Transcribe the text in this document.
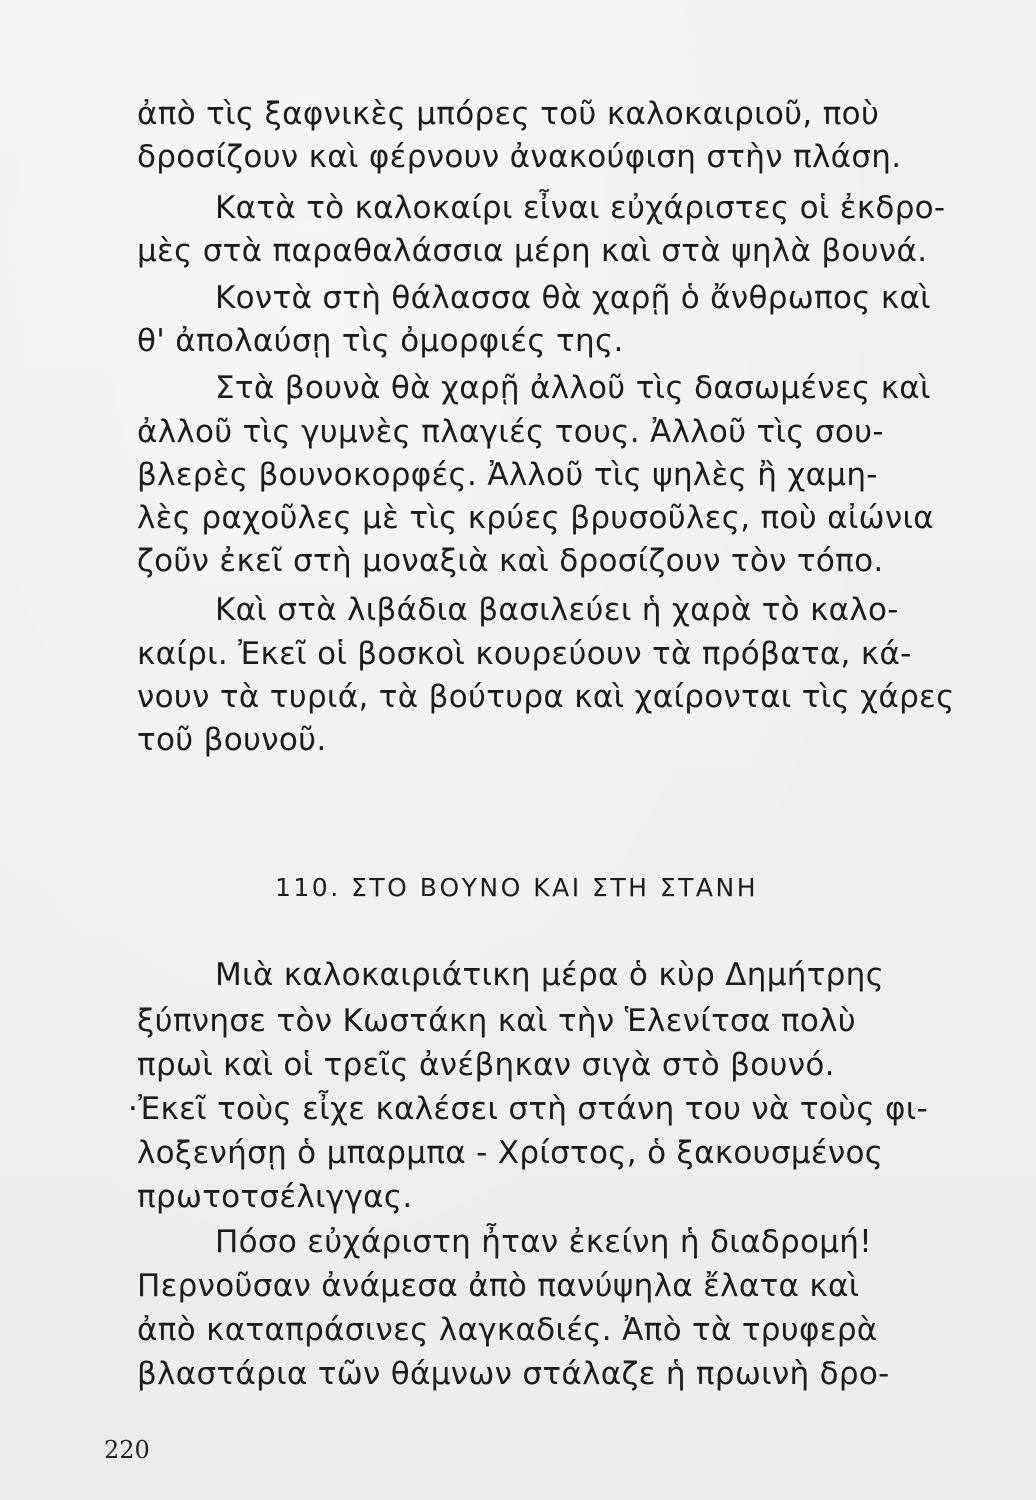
ἀπὸ τὶς ξαφνικὲς μπόρες τοῦ καλοκαιριοῦ, ποὺ
δροσίζουν καὶ φέρνουν ἀνακούφιση στὴν πλάση.
Κατὰ τὸ καλοκαίρι εἶναι εὐχάριστες οἱ ἐκδρο-
μὲς στὰ παραθαλάσσια μέρη καὶ στὰ ψηλὰ βουνά.
Κοντὰ στὴ θάλασσα θὰ χαρῇ ὁ ἄνθρωπος καὶ
θ' ἀπολαύσῃ τὶς ὀμορφιές της.
Στὰ βουνὰ θὰ χαρῇ ἀλλοῦ τὶς δασωμένες καὶ
ἀλλοῦ τὶς γυμνὲς πλαγιές τους. Ἀλλοῦ τὶς σου-
βλερὲς βουνοκορφές. Ἀλλοῦ τὶς ψηλὲς ἢ χαμη-
λὲς ραχοῦλες μὲ τὶς κρύες βρυσοῦλες, ποὺ αἰώνια
ζοῦν ἐκεῖ στὴ μοναξιὰ καὶ δροσίζουν τὸν τόπο.
Καὶ στὰ λιβάδια βασιλεύει ἡ χαρὰ τὸ καλο-
καίρι. Ἐκεῖ οἱ βοσκοὶ κουρεύουν τὰ πρόβατα, κά-
νουν τὰ τυριά, τὰ βούτυρα καὶ χαίρονται τὶς χάρες
τοῦ βουνοῦ.
110. ΣΤΟ ΒΟΥΝΟ ΚΑΙ ΣΤΗ ΣΤΑΝΗ
Μιὰ καλοκαιριάτικη μέρα ὁ κὺρ Δημήτρης
ξύπνησε τὸν Κωστάκη καὶ τὴν Ἑλενίτσα πολὺ
πρωὶ καὶ οἱ τρεῖς ἀνέβηκαν σιγὰ στὸ βουνό.
·Ἐκεῖ τοὺς εἶχε καλέσει στὴ στάνη του νὰ τοὺς φι-
λοξενήσῃ ὁ μπαρμπα - Χρίστος, ὁ ξακουσμένος
πρωτοτσέλιγγας.
Πόσο εὐχάριστη ἦταν ἐκείνη ἡ διαδρομή!
Περνοῦσαν ἀνάμεσα ἀπὸ πανύψηλα ἔλατα καὶ
ἀπὸ καταπράσινες λαγκαδιές. Ἀπὸ τὰ τρυφερὰ
βλαστάρια τῶν θάμνων στάλαζε ἡ πρωινὴ δρο-
220
